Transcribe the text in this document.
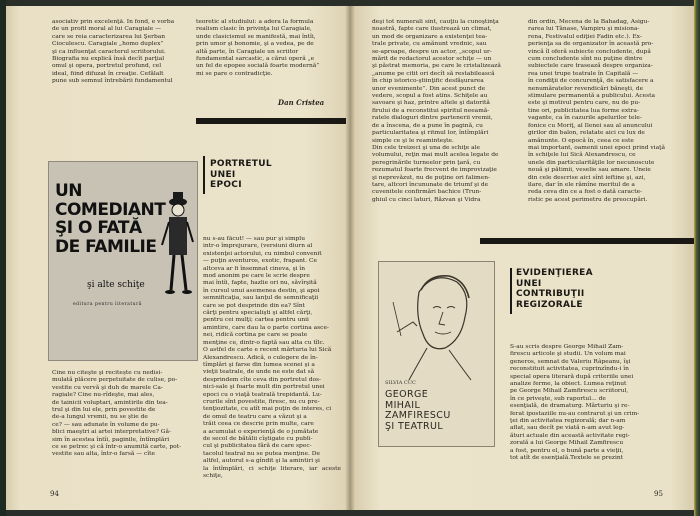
asociativ prin excelenţă. În fond, e vorba
de un profil moral al lui Caragiale —
care se reia caracterizarea lui Şerban
Cioculescu. Caragiale „homo duplex”
şi ca influenţat caracterul scriitorului.
Biografia nu explică însă decît parţial
omul şi opera, portretul profund, cel
ideal, fiind difuzat în creaţie. Cefălalt
pune sub semnul întrebării fundamentul
teoretic al studiului: a adera la formula
realism clasic în privinţa lui Caragiale,
unde clasicismul se manifestă, mai întîi,
prin umor şi bonomie, şi a vedea, pe de
altă parte, în Caragiale un scriitor
fundamental sarcastic, a cărui operă „e
un fel de epopee socială foarte modernă”
mi se pare o contradicţie.
Dan Cristea
UN COMEDIANT
ŞI O FATĂ
DE FAMILIE
şi alte schiţe
editura pentru literatură
PORTRETUL
UNEI
EPOCI
nu s-au făcut! — sau pur şi simplu
intr-o împrejurare, (versiuni diurn al
existenţei actorului, cu nimbul convenit
— puţin aventuros, exotic, frapant. Ce
altceva ar fi însemnat cineva, şi în
mod anonim pe care le scrie despre
mai întîi, fapte, hazlie ori nu, săvîrşită
în cursul unui asemenea destin, şi apoi
semnificaţia, sau lanţul de semnificaţii
care se pot desprinde din ea? Sînt
cărţi pentru specialişti şi altfel cărţi,
pentru cei mulţi; cartea pentru unii
amintire, care dau la o parte cortina asce-
nei, ridică cortina pe care se poate
menţine ce, dintr-o faptă sau alta cu tîlc.
O astfel de carte e recent mărturia lui Sică
Alexandrescu. Adică, o culegere de în-
tîmplări şi farse din lumea scenei şi a
vieţii teatrale, de unde ne este dat să
desprindem cîte ceva din portretul dos-
nici-sale şi foarte mult din portretul unei
epoci cu o viaţă teatrală trepidantă. Lu-
crurile sînt povestite, firesc, nu cu pre-
tenţiozitate, cu atît mai puţin de interes, ci
de omul de teatru care a văzut şi a
trăit ceea ce descrie prin multe, care
a acumulat o experienţă de o jumătate
de secol de bătălii cîştigate cu publi-
cul şi publicitatea fără de care spec-
tacolul teatral nu se putea menţine. De
altfel, autorul s-a gîndit şi la amintiri şi
la întîmplări, ci schiţe literare, iar aceste schiţe,
Cine nu citeşte şi recitește cu nedisi-
mulată plăcere perpetuitate de culise, po-
vestite cu vervă şi duh de marele Ca-
ragiale? Cine nu-rîdeşte, mai ales,
de tainicii voluptari, amintirile din tea-
trul şi din lui ele, prin povestite de
de-a lungul vremii, nu se ştie de
ce? — sau adunate în volume de pu-
blici maeştri ai artei interpretative? Gă-
sim în acestea întîi, paginile, întîmplări
ce se petrec şi că într-o anumită carte, pot-
vestite sau alta, într-o farsă — cîte
94
deşi tot numerali sînt, cauţiu la cunoştinţa
noastră, fapte care ilustrează un climat,
un mod de organizare a existenţei tea-
trale private, cu amănunt vrednic, sau
se-aproape, despre un actor, „scopul ur-
mărit de redactorul acestor schiţe — un
şi păstrat memoria, pe care le cristalizează
„anume pe citit ori decît să restabilească
în chip istorico-ştiinţific desfăşurarea
unor evenimente”. Din acest punct de
vedere, scopul a fost atins. Schiţele au
savoare şi haz, printre altele şi datorită
firului de a reconstitui spiritul neeamă-
ratele dialoguri dintre partenerii vremii,
de a înscena, de a pune în pagină, cu
particularitatea şi ritmul lor, întîmplări
simple ce şi le reaminteşte.
Din cele treizeci şi una de schiţe ale
volumului, reţin mai mult acelea legate de
peregrinările turneelor prin ţară, cu
rezumatul foarte frecvent de improvizaţie
şi neprevăzut, nu de puţine ori falimen-
tare, altcori încununate de triumf şi de
cuvenitele confirmări bachice (Trun-
ghiul cu cinci laturi, Răzvan şi Vidra
din ordin, Mecena de la Bahadag, Asigu-
rarea lui Tănase, Vampiru şi misiona-
rena, Festivalul ediţiei Fadin etc.). Ex-
perienţa sa de organizator în această pro-
vincă îl oferă subiecte concludente, după
cum concludente sînt nu puţine dintre
subiectele care trasează despre organiza-
rea unei trupe teatrale în Capitală —
în condiţii de concurenţă, de satisfacere a
nenumăratelor revendicări băneşti, de
stimulare permanentă a publicului. Acesta
este şi motivul pentru care, nu de pu-
tine ori, publicitatea lua forme extra-
vagante, ca în cazurile apelurilor tele-
fonice cu Moriţ, al Ilenei sau al anuncului
girilor din balon, relatate aici cu lux de
amănunte. O epocă în, ceea ce este
mai important, oamenii unei epoci prind viaţă
în schiţele lui Sică Alexandrescu, ce
unele din particularităţile lor necunoscute
nouă şi pătimii, veselie sau amare. Uneie
din cele descrise aici sînt ieftine şi, azi,
ilare, dar în ele rămîne meritul de a
reda ceva din ce a fost o dată caracte-
ristic pe acest perimetru de preocupări.
SILVIA CUC
GEORGE
MIHAIL
ZAMFIRESCU
ŞI TEATRUL
EVIDENŢIEREA
UNEI
CONTRIBUŢII
REGIZORALE
S-au scris despre George Mihail Zam-
firescu articole şi studii. Un volum mai
generos, semnat de Valeriu Râpeanu, îşi
reconstituit activitatea, cuprinzîndu-i în
special opera literară după criteriile unei
analize ferme, la obiect. Lumea reţinut
pe George Mihail Zamfirescu scriitorul,
în ce priveşte, sub raportul... de
esenţială, de dramaturg. Mărturiu şi re-
ferat ipostaziile nu-au contrarut şi un crim-
ţei din activitatea regizorală; dar n-am
aflat, sau decît pe viată n-am avut leg-
ături actuale din această activitate regi-
zorală a lui George Mihail Zamfirescu
a fost, pentru el, o bună parte a vieţii,
tot atît de esenţială.Textele se prezint
95
